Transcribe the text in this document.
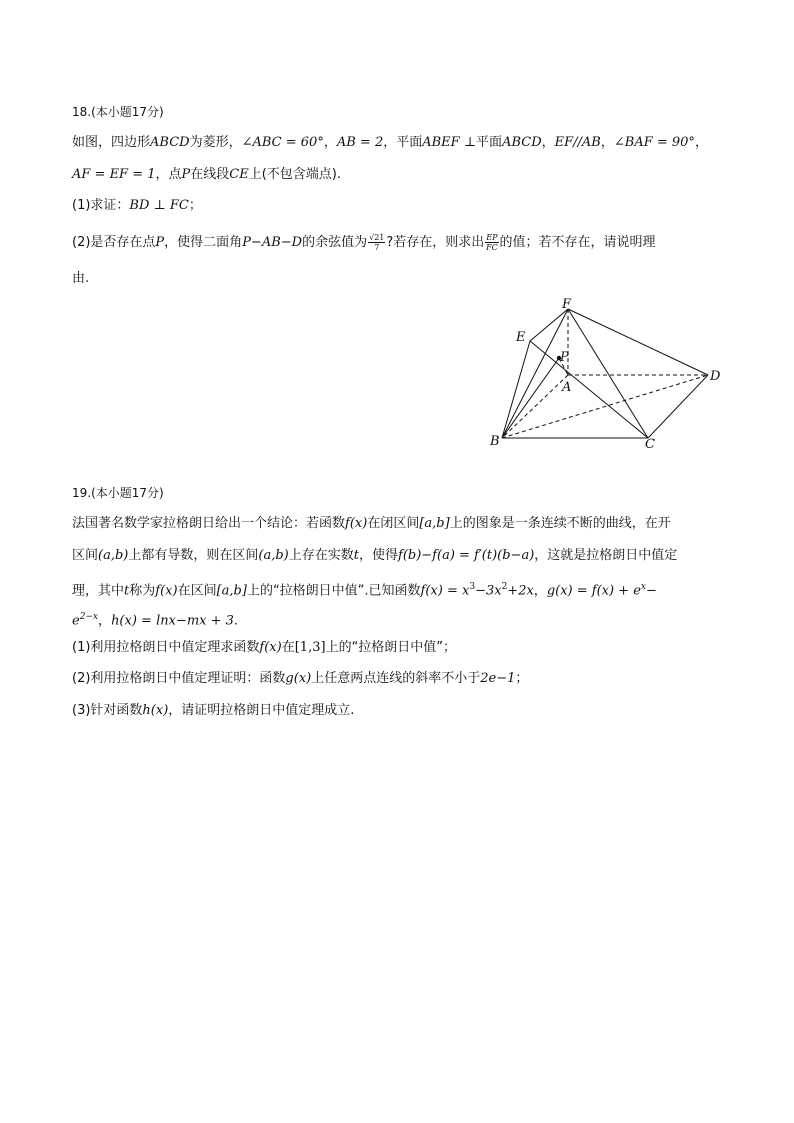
18.(本小题17分)
如图，四边形ABCD为菱形，∠ABC = 60°，AB = 2，平面ABEF ⊥平面ABCD，EF//AB，∠BAF = 90°，
AF = EF = 1，点P在线段CE上(不包含端点).
(1)求证：BD ⊥ FC；
(2)是否存在点P，使得二面角P−AB−D的余弦值为 $\frac{√21}{7}$ ?若存在，则求出 $\frac{EP}{FC}$ 的值；若不存在，请说明理
由.
F
E
P
A
D
B	C
19.(本小题17分)
法国著名数学家拉格朗日给出一个结论：若函数f(x)在闭区间[a,b]上的图象是一条连续不断的曲线，在开
区间(a,b)上都有导数，则在区间(a,b)上存在实数t，使得f(b)−f(a) = f′(t)(b−a)，这就是拉格朗日中值定
理，其中t称为f(x)在区间[a,b]上的“拉格朗日中值”.已知函数$f(x) = x^3-3x^2+2x$，$g(x) = f(x) + e^x-$
$e^{2-x}$，h(x) = lnx−mx + 3.
(1)利用拉格朗日中值定理求函数f(x)在[1,3]上的“拉格朗日中值”；
(2)利用拉格朗日中值定理证明：函数g(x)上任意两点连线的斜率不小于2e−1；
(3)针对函数h(x)，请证明拉格朗日中值定理成立.
